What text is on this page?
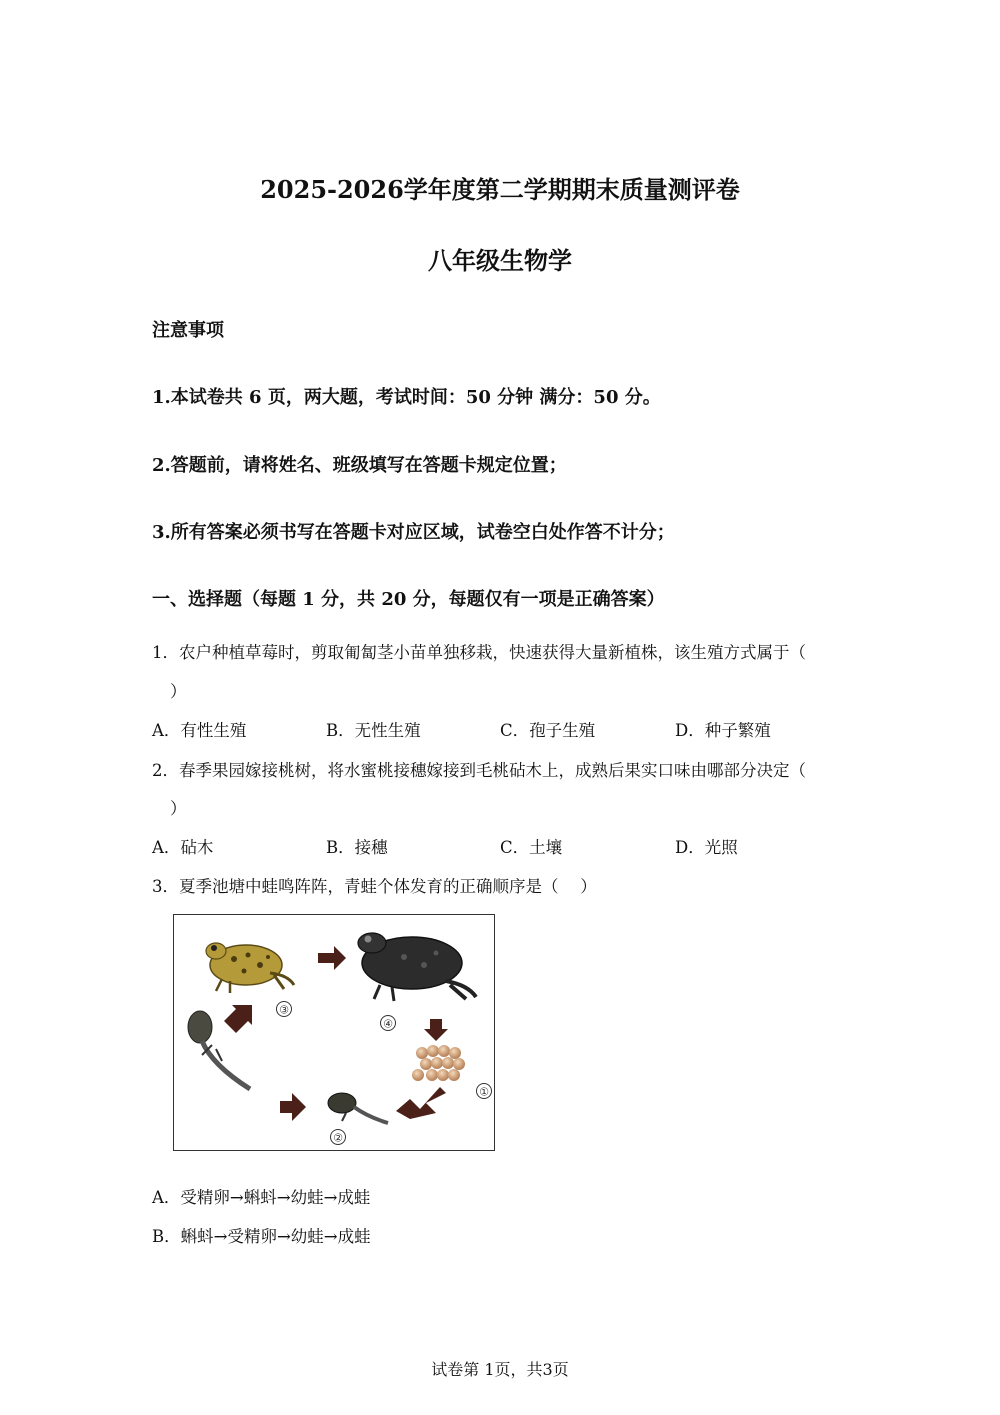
2025-2026学年度第二学期期末质量测评卷
八年级生物学
注意事项
1.本试卷共 6 页，两大题，考试时间：50 分钟 满分：50 分。
2.答题前，请将姓名、班级填写在答题卡规定位置；
3.所有答案必须书写在答题卡对应区域，试卷空白处作答不计分；
一、选择题（每题 1 分，共 20 分，每题仅有一项是正确答案）
1．农户种植草莓时，剪取匍匐茎小苗单独移栽，快速获得大量新植株，该生殖方式属于（
）
A．有性生殖	B．无性生殖	C．孢子生殖	D．种子繁殖
2．春季果园嫁接桃树，将水蜜桃接穗嫁接到毛桃砧木上，成熟后果实口味由哪部分决定（
）
A．砧木	B．接穗	C．土壤	D．光照
3．夏季池塘中蛙鸣阵阵，青蛙个体发育的正确顺序是（　 ）
③
④
①
②
A．受精卵→蝌蚪→幼蛙→成蛙
B．蝌蚪→受精卵→幼蛙→成蛙
试卷第 1页，共3页
